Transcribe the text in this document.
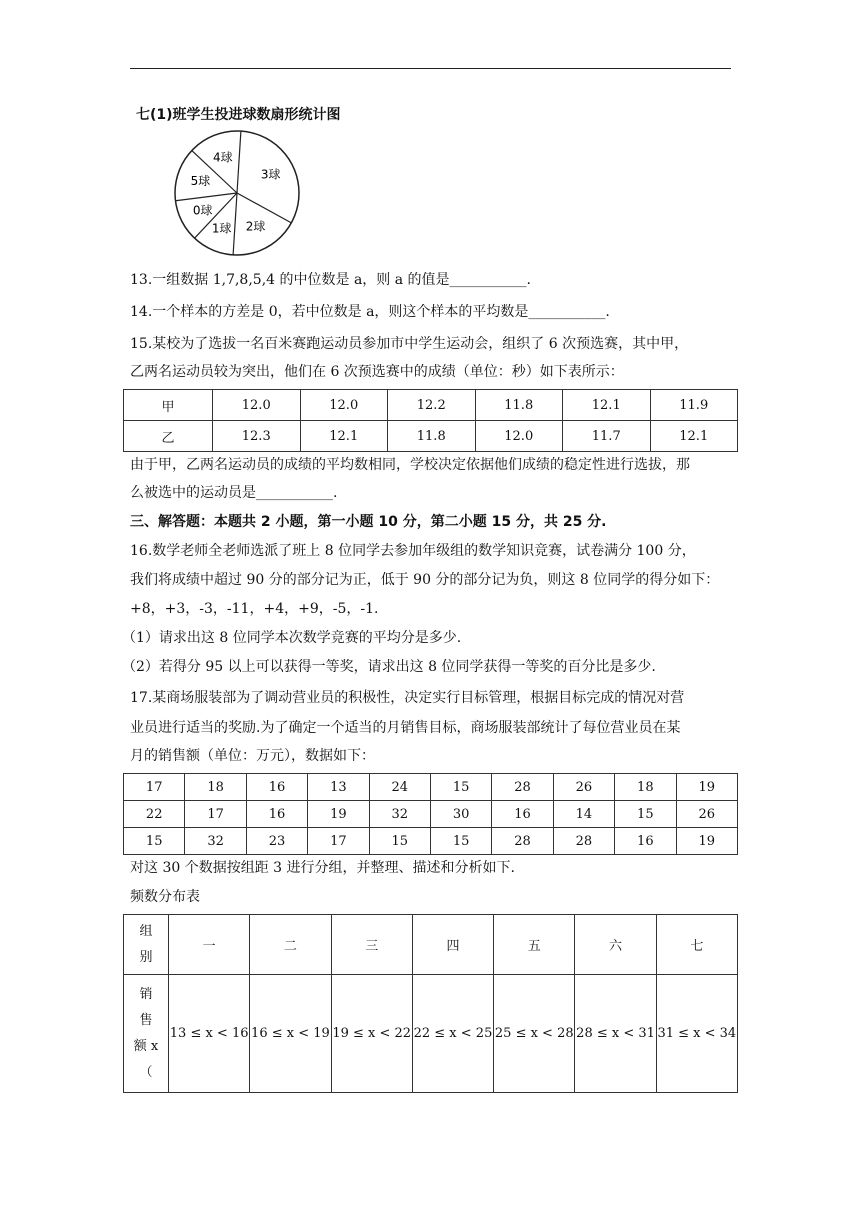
七(1)班学生投进球数扇形统计图
3球
2球
1球
0球
5球
4球
13.一组数据 1,7,8,5,4 的中位数是 a，则 a 的值是___________.
14.一个样本的方差是 0，若中位数是 a，则这个样本的平均数是___________.
15.某校为了选拔一名百米赛跑运动员参加市中学生运动会，组织了 6 次预选赛，其中甲，
乙两名运动员较为突出，他们在 6 次预选赛中的成绩（单位：秒）如下表所示：
甲	12.0	12.0	12.2	11.8	12.1	11.9
乙	12.3	12.1	11.8	12.0	11.7	12.1
由于甲，乙两名运动员的成绩的平均数相同，学校决定依据他们成绩的稳定性进行选拔，那
么被选中的运动员是___________.
三、解答题：本题共 2 小题，第一小题 10 分，第二小题 15 分，共 25 分.
16.数学老师全老师选派了班上 8 位同学去参加年级组的数学知识竞赛，试卷满分 100 分，
我们将成绩中超过 90 分的部分记为正，低于 90 分的部分记为负，则这 8 位同学的得分如下：
+8，+3，-3，-11，+4，+9，-5，-1.
（1）请求出这 8 位同学本次数学竞赛的平均分是多少.
（2）若得分 95 以上可以获得一等奖，请求出这 8 位同学获得一等奖的百分比是多少.
17.某商场服装部为了调动营业员的积极性，决定实行目标管理，根据目标完成的情况对营
业员进行适当的奖励.为了确定一个适当的月销售目标，商场服装部统计了每位营业员在某
月的销售额（单位：万元），数据如下：
17	18	16	13	24	15	28	26	18	19
22	17	16	19	32	30	16	14	15	26
15	32	23	17	15	15	28	28	16	19
对这 30 个数据按组距 3 进行分组，并整理、描述和分析如下.
频数分布表
组
别	一	二	三	四	五	六	七

销
售
额 x
（	13 ≤ x < 16	16 ≤ x < 19	19 ≤ x < 22	22 ≤ x < 25	25 ≤ x < 28	28 ≤ x < 31	31 ≤ x < 34
